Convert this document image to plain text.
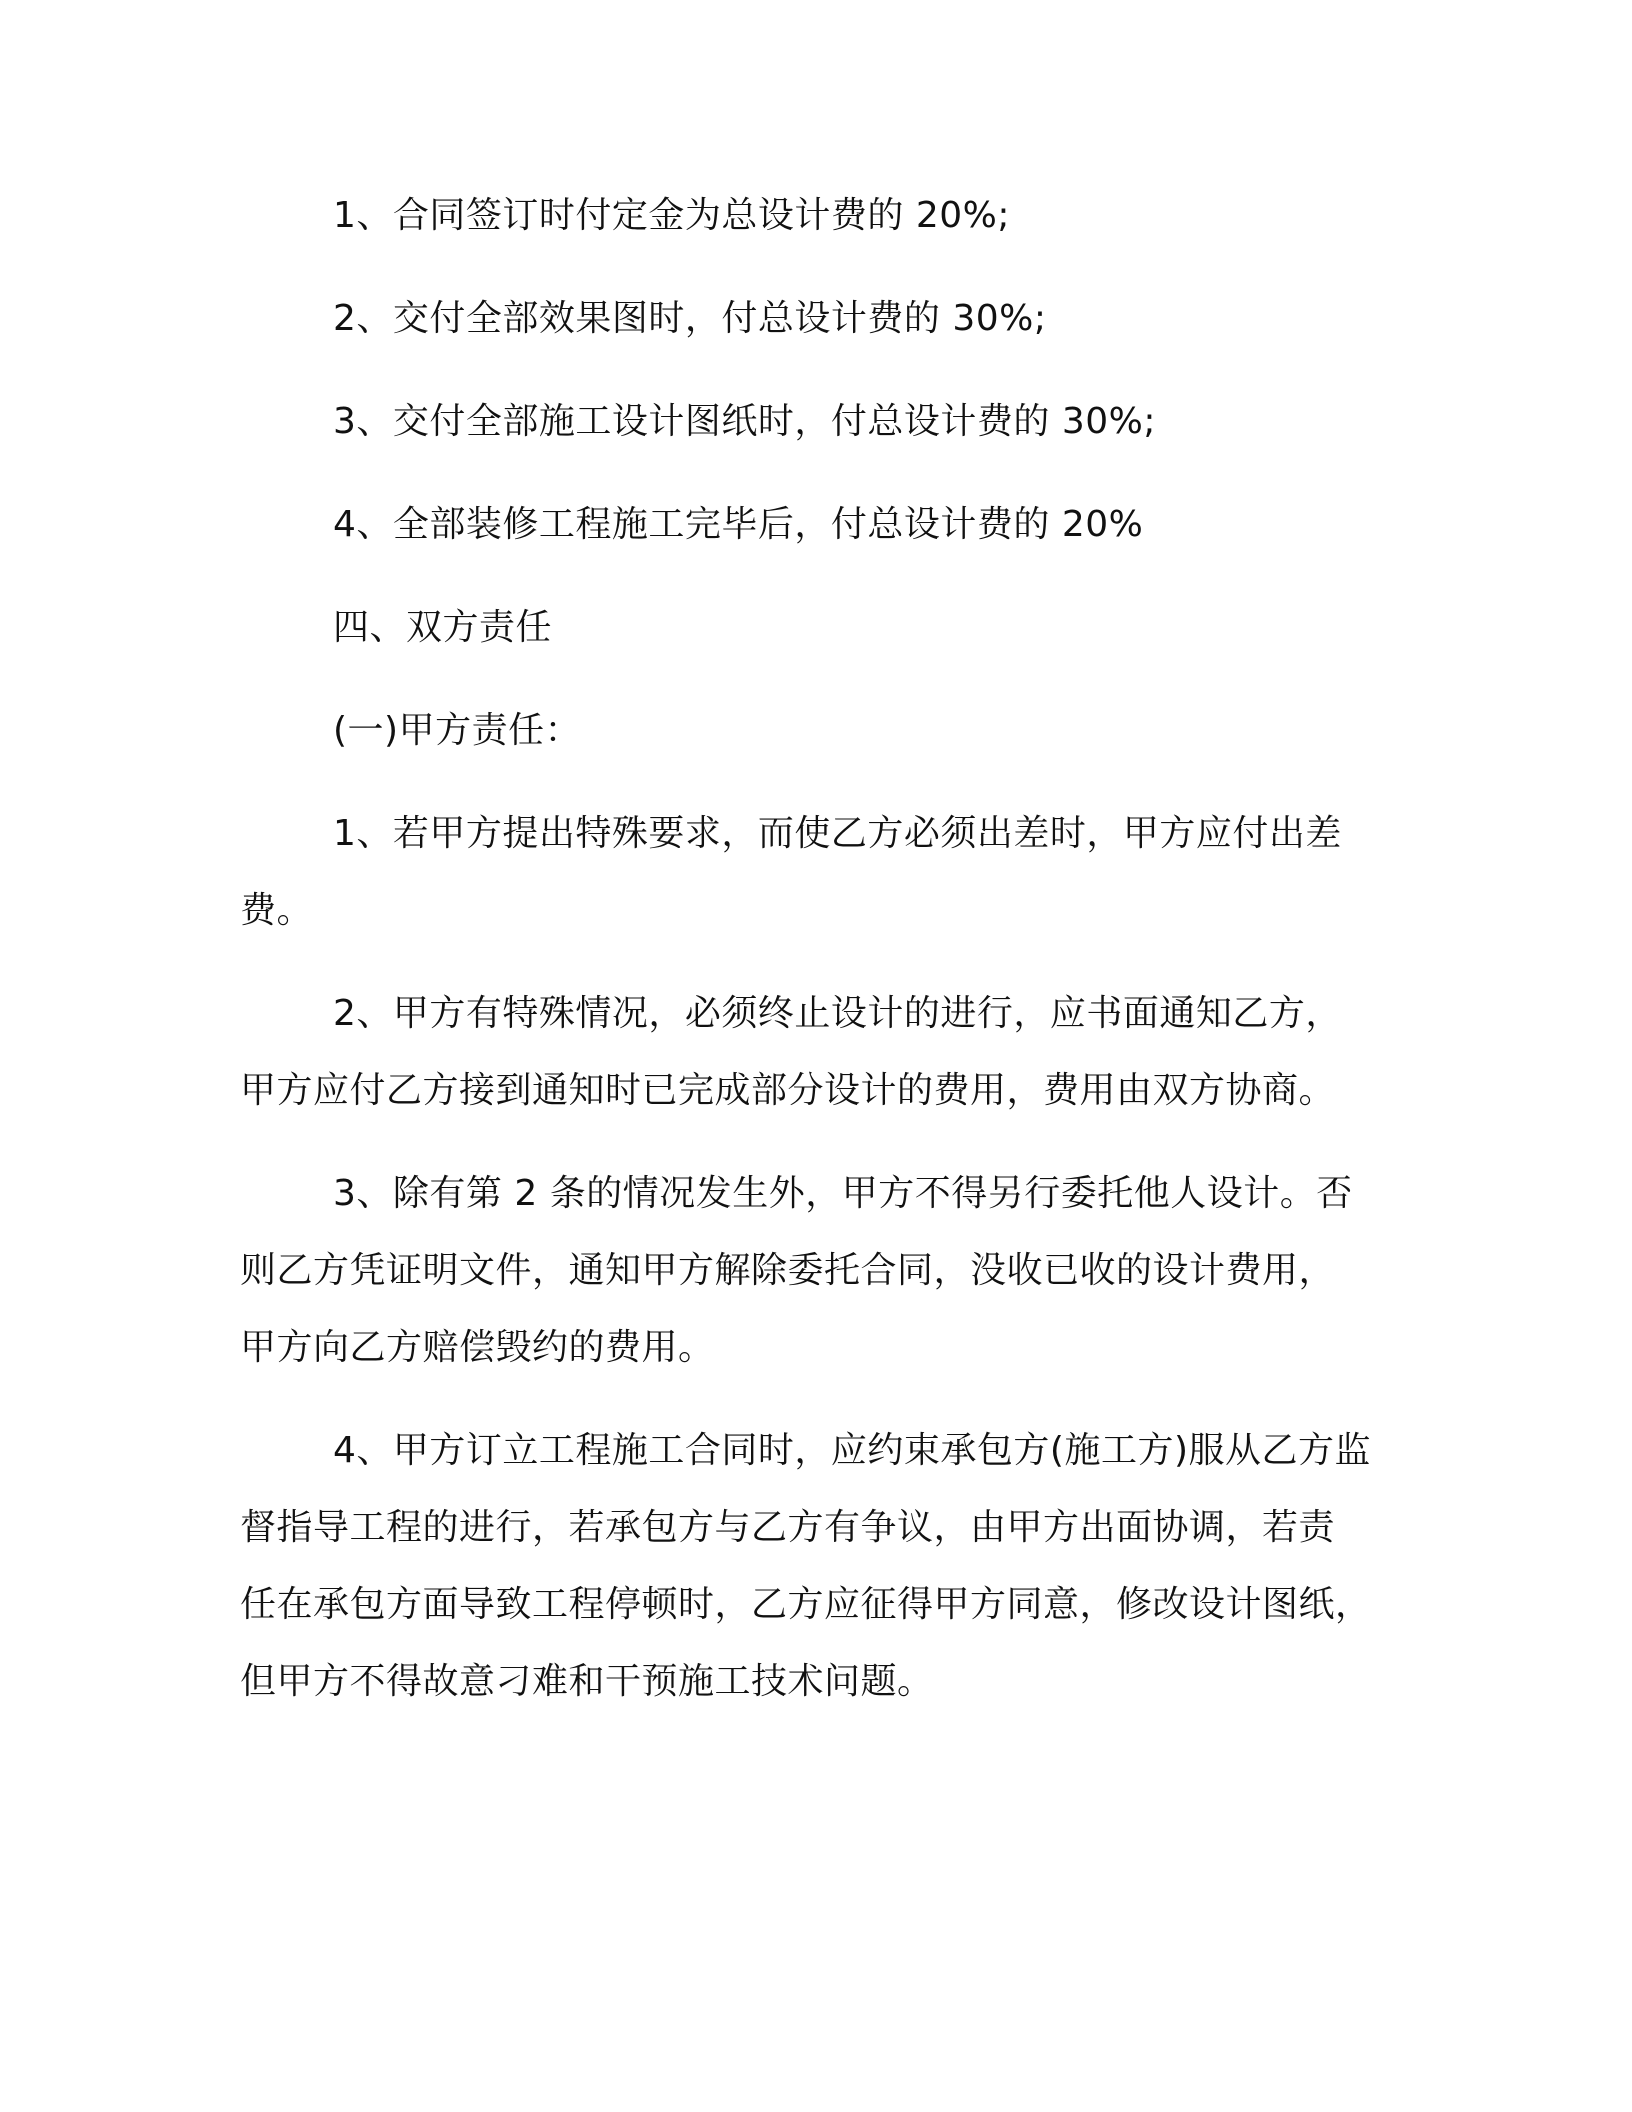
1、合同签订时付定金为总设计费的 20%;

2、交付全部效果图时，付总设计费的 30%;

3、交付全部施工设计图纸时，付总设计费的 30%;

4、全部装修工程施工完毕后，付总设计费的 20%

四、双方责任

(一)甲方责任：

1、若甲方提出特殊要求，而使乙方必须出差时，甲方应付出差

费。

2、甲方有特殊情况，必须终止设计的进行，应书面通知乙方，

甲方应付乙方接到通知时已完成部分设计的费用，费用由双方协商。

3、除有第 2 条的情况发生外，甲方不得另行委托他人设计。否

则乙方凭证明文件，通知甲方解除委托合同，没收已收的设计费用，

甲方向乙方赔偿毁约的费用。

4、甲方订立工程施工合同时，应约束承包方(施工方)服从乙方监

督指导工程的进行，若承包方与乙方有争议，由甲方出面协调，若责

任在承包方面导致工程停顿时，乙方应征得甲方同意，修改设计图纸，

但甲方不得故意刁难和干预施工技术问题。
